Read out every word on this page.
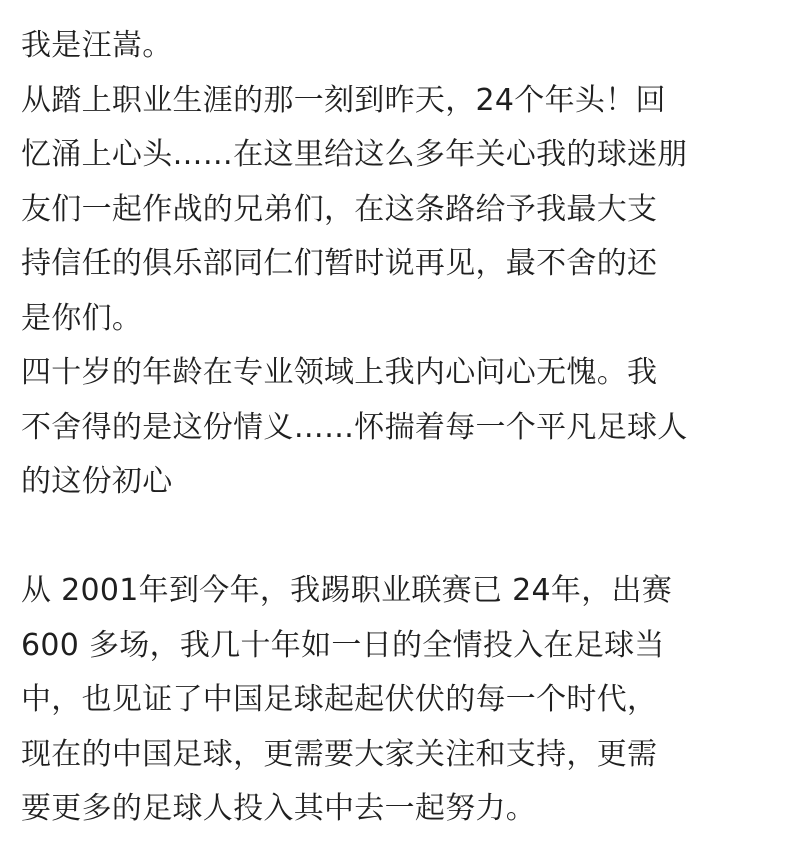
我是汪嵩。
从踏上职业生涯的那一刻到昨天，24个年头！回
忆涌上心头……在这里给这么多年关心我的球迷朋
友们一起作战的兄弟们，在这条路给予我最大支
持信任的俱乐部同仁们暂时说再见，最不舍的还
是你们。
四十岁的年龄在专业领域上我内心问心无愧。我
不舍得的是这份情义……怀揣着每一个平凡足球人
的这份初心
从 2001年到今年，我踢职业联赛已 24年，出赛
600 多场，我几十年如一日的全情投入在足球当
中，也见证了中国足球起起伏伏的每一个时代，
现在的中国足球，更需要大家关注和支持，更需
要更多的足球人投入其中去一起努力。
